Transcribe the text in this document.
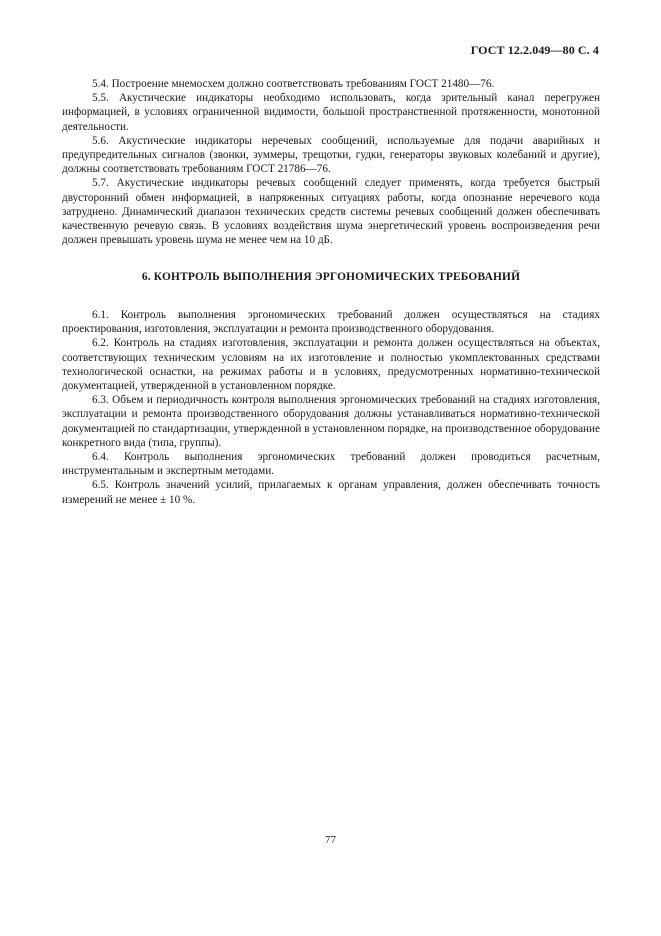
ГОСТ 12.2.049—80 С. 4

5.4. Построение мнемосхем должно соответствовать требованиям ГОСТ 21480—76.

5.5. Акустические индикаторы необходимо использовать, когда зрительный канал перегружен информацией, в условиях ограниченной видимости, большой пространственной протяженности, монотонной деятельности.

5.6. Акустические индикаторы неречевых сообщений, используемые для подачи аварийных и предупредительных сигналов (звонки, зуммеры, трещотки, гудки, генераторы звуковых колебаний и другие), должны соответствовать требованиям ГОСТ 21786—76.

5.7. Акустические индикаторы речевых сообщений следует применять, когда требуется быстрый двусторонний обмен информацией, в напряженных ситуациях работы, когда опознание неречевого кода затруднено. Динамический диапазон технических средств системы речевых сообщений должен обеспечивать качественную речевую связь. В условиях воздействия шума энергетический уровень воспроизведения речи должен превышать уровень шума не менее чем на 10 дБ.

6. КОНТРОЛЬ ВЫПОЛНЕНИЯ ЭРГОНОМИЧЕСКИХ ТРЕБОВАНИЙ

6.1. Контроль выполнения эргономических требований должен осуществляться на стадиях проектирования, изготовления, эксплуатации и ремонта производственного оборудования.

6.2. Контроль на стадиях изготовления, эксплуатации и ремонта должен осуществляться на объектах, соответствующих техническим условиям на их изготовление и полностью укомплектованных средствами технологической оснастки, на режимах работы и в условиях, предусмотренных нормативно-технической документацией, утвержденной в установленном порядке.

6.3. Объем и периодичность контроля выполнения эргономических требований на стадиях изготовления, эксплуатации и ремонта производственного оборудования должны устанавливаться нормативно-технической документацией по стандартизации, утвержденной в установленном порядке, на производственное оборудование конкретного вида (типа, группы).

6.4. Контроль выполнения эргономических требований должен проводиться расчетным, инструментальным и экспертным методами.

6.5. Контроль значений усилий, прилагаемых к органам управления, должен обеспечивать точность измерений не менее ± 10 %.

77
